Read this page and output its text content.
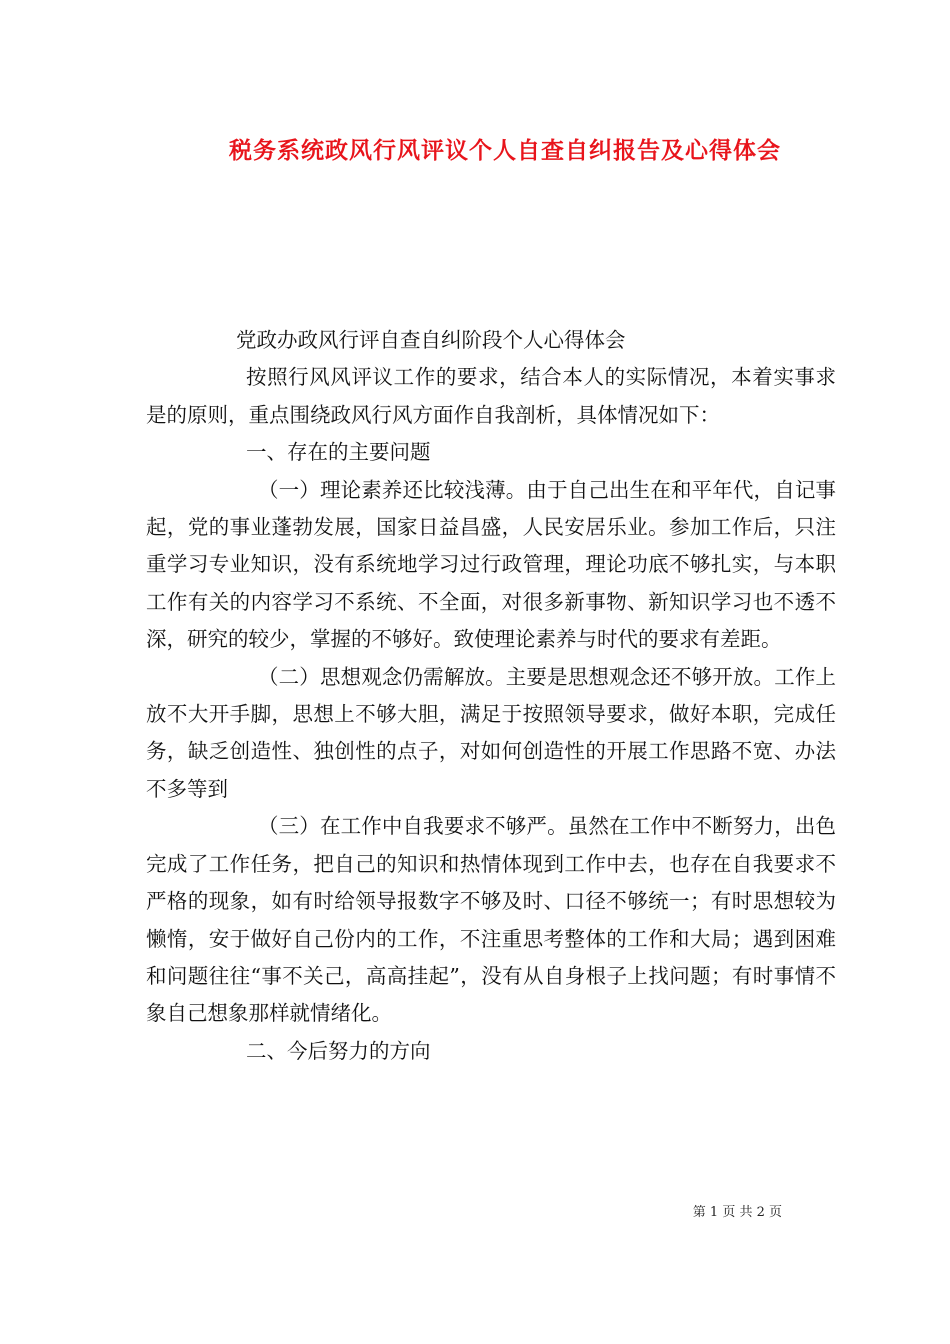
税务系统政风行风评议个人自查自纠报告及心得体会

党政办政风行评自查自纠阶段个人心得体会

按照行风风评议工作的要求，结合本人的实际情况，本着实事求是的原则，重点围绕政风行风方面作自我剖析，具体情况如下：

一、存在的主要问题

（一）理论素养还比较浅薄。由于自己出生在和平年代，自记事起，党的事业蓬勃发展，国家日益昌盛，人民安居乐业。参加工作后，只注重学习专业知识，没有系统地学习过行政管理，理论功底不够扎实，与本职工作有关的内容学习不系统、不全面，对很多新事物、新知识学习也不透不深，研究的较少，掌握的不够好。致使理论素养与时代的要求有差距。

（二）思想观念仍需解放。主要是思想观念还不够开放。工作上放不大开手脚，思想上不够大胆，满足于按照领导要求，做好本职，完成任务，缺乏创造性、独创性的点子，对如何创造性的开展工作思路不宽、办法不多等到

（三）在工作中自我要求不够严。虽然在工作中不断努力，出色完成了工作任务，把自己的知识和热情体现到工作中去，也存在自我要求不严格的现象，如有时给领导报数字不够及时、口径不够统一；有时思想较为懒惰，安于做好自己份内的工作，不注重思考整体的工作和大局；遇到困难和问题往往“事不关己，高高挂起”，没有从自身根子上找问题；有时事情不象自己想象那样就情绪化。

二、今后努力的方向

第 1 页 共 2 页
